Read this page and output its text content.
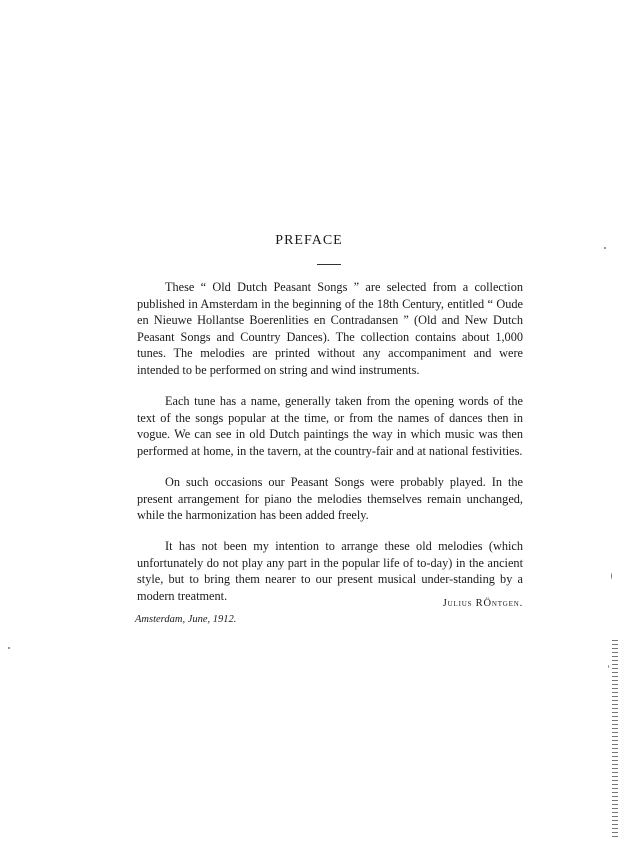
PREFACE

These “ Old Dutch Peasant Songs ” are selected from a collection published in Amsterdam in the beginning of the 18th Century, entitled “ Oude en Nieuwe Hollantse Boerenlities en Contradansen ” (Old and New Dutch Peasant Songs and Country Dances). The collection contains about 1,000 tunes. The melodies are printed without any accompaniment and were intended to be performed on string and wind instruments.

Each tune has a name, generally taken from the opening words of the text of the songs popular at the time, or from the names of dances then in vogue. We can see in old Dutch paintings the way in which music was then performed at home, in the tavern, at the country-fair and at national festivities.

On such occasions our Peasant Songs were probably played. In the present arrangement for piano the melodies themselves remain unchanged, while the harmonization has been added freely.

It has not been my intention to arrange these old melodies (which unfortunately do not play any part in the popular life of to-day) in the ancient style, but to bring them nearer to our present musical under-standing by a modern treatment.

Julius RÖntgen.
Amsterdam, June, 1912.
